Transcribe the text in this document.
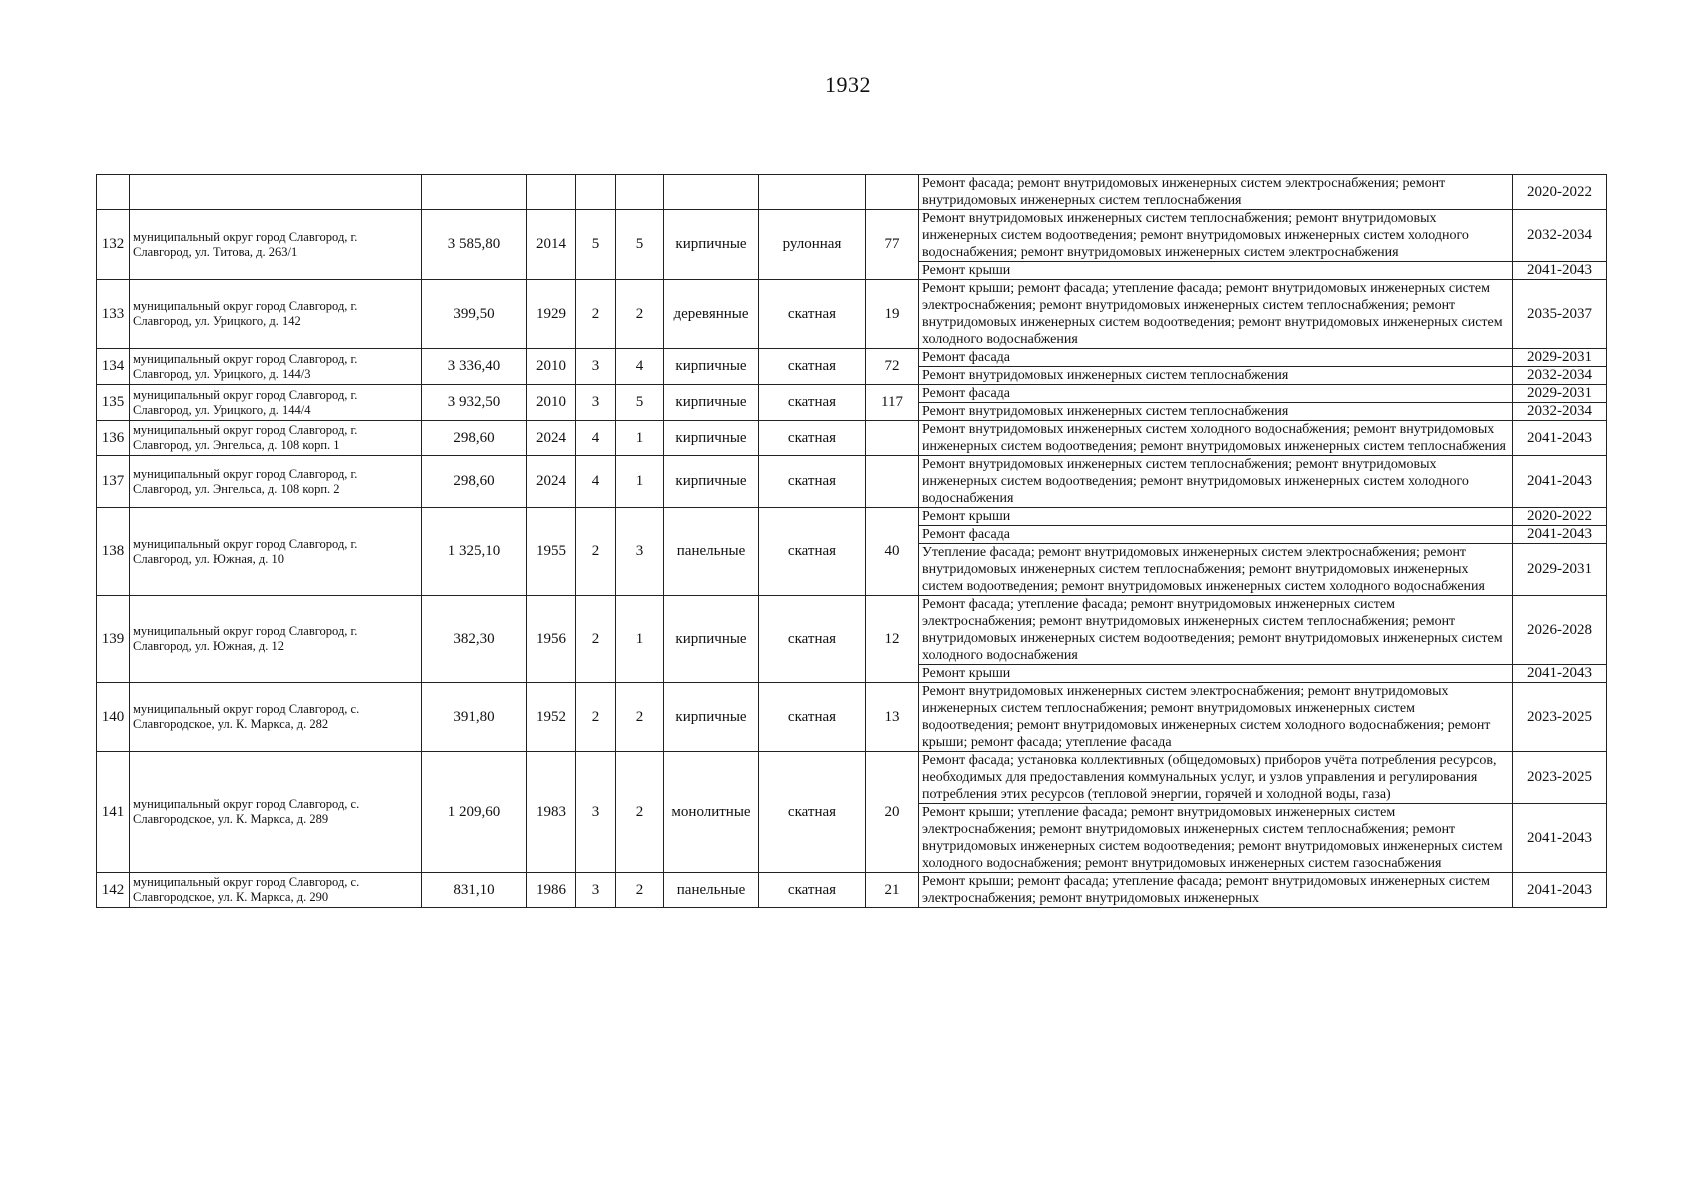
1932
									Ремонт фасада; ремонт внутридомовых инженерных систем электроснабжения; ремонт внутридомовых инженерных систем теплоснабжения	2020-2022
132	муниципальный округ город Славгород, г. Славгород, ул. Титова, д. 263/1	3 585,80	2014	5	5	кирпичные	рулонная	77	Ремонт внутридомовых инженерных систем теплоснабжения; ремонт внутридомовых инженерных систем водоотведения; ремонт внутридомовых инженерных систем холодного водоснабжения; ремонт внутридомовых инженерных систем электроснабжения	2032-2034
									Ремонт крыши	2041-2043
133	муниципальный округ город Славгород, г. Славгород, ул. Урицкого, д. 142	399,50	1929	2	2	деревянные	скатная	19	Ремонт крыши; ремонт фасада; утепление фасада; ремонт внутридомовых инженерных систем электроснабжения; ремонт внутридомовых инженерных систем теплоснабжения; ремонт внутридомовых инженерных систем водоотведения; ремонт внутридомовых инженерных систем холодного водоснабжения	2035-2037
134	муниципальный округ город Славгород, г. Славгород, ул. Урицкого, д. 144/3	3 336,40	2010	3	4	кирпичные	скатная	72	Ремонт фасада	2029-2031
									Ремонт внутридомовых инженерных систем теплоснабжения	2032-2034
135	муниципальный округ город Славгород, г. Славгород, ул. Урицкого, д. 144/4	3 932,50	2010	3	5	кирпичные	скатная	117	Ремонт фасада	2029-2031
									Ремонт внутридомовых инженерных систем теплоснабжения	2032-2034
136	муниципальный округ город Славгород, г. Славгород, ул. Энгельса, д. 108 корп. 1	298,60	2024	4	1	кирпичные	скатная		Ремонт внутридомовых инженерных систем холодного водоснабжения; ремонт внутридомовых инженерных систем водоотведения; ремонт внутридомовых инженерных систем теплоснабжения	2041-2043
137	муниципальный округ город Славгород, г. Славгород, ул. Энгельса, д. 108 корп. 2	298,60	2024	4	1	кирпичные	скатная		Ремонт внутридомовых инженерных систем теплоснабжения; ремонт внутридомовых инженерных систем водоотведения; ремонт внутридомовых инженерных систем холодного водоснабжения	2041-2043
138	муниципальный округ город Славгород, г. Славгород, ул. Южная, д. 10	1 325,10	1955	2	3	панельные	скатная	40	Ремонт крыши	2020-2022
									Ремонт фасада	2041-2043
									Утепление фасада; ремонт внутридомовых инженерных систем электроснабжения; ремонт внутридомовых инженерных систем теплоснабжения; ремонт внутридомовых инженерных систем водоотведения; ремонт внутридомовых инженерных систем холодного водоснабжения	2029-2031
139	муниципальный округ город Славгород, г. Славгород, ул. Южная, д. 12	382,30	1956	2	1	кирпичные	скатная	12	Ремонт фасада; утепление фасада; ремонт внутридомовых инженерных систем электроснабжения; ремонт внутридомовых инженерных систем теплоснабжения; ремонт внутридомовых инженерных систем водоотведения; ремонт внутридомовых инженерных систем холодного водоснабжения	2026-2028
									Ремонт крыши	2041-2043
140	муниципальный округ город Славгород, с. Славгородское, ул. К. Маркса, д. 282	391,80	1952	2	2	кирпичные	скатная	13	Ремонт внутридомовых инженерных систем электроснабжения; ремонт внутридомовых инженерных систем теплоснабжения; ремонт внутридомовых инженерных систем водоотведения; ремонт внутридомовых инженерных систем холодного водоснабжения; ремонт крыши; ремонт фасада; утепление фасада	2023-2025
141	муниципальный округ город Славгород, с. Славгородское, ул. К. Маркса, д. 289	1 209,60	1983	3	2	монолитные	скатная	20	Ремонт фасада; установка коллективных (общедомовых) приборов учёта потребления ресурсов, необходимых для предоставления коммунальных услуг, и узлов управления и регулирования потребления этих ресурсов (тепловой энергии, горячей и холодной воды, газа)	2023-2025
									Ремонт крыши; утепление фасада; ремонт внутридомовых инженерных систем электроснабжения; ремонт внутридомовых инженерных систем теплоснабжения; ремонт внутридомовых инженерных систем водоотведения; ремонт внутридомовых инженерных систем холодного водоснабжения; ремонт внутридомовых инженерных систем газоснабжения	2041-2043
142	муниципальный округ город Славгород, с. Славгородское, ул. К. Маркса, д. 290	831,10	1986	3	2	панельные	скатная	21	Ремонт крыши; ремонт фасада; утепление фасада; ремонт внутридомовых инженерных систем электроснабжения; ремонт внутридомовых инженерных	2041-2043
